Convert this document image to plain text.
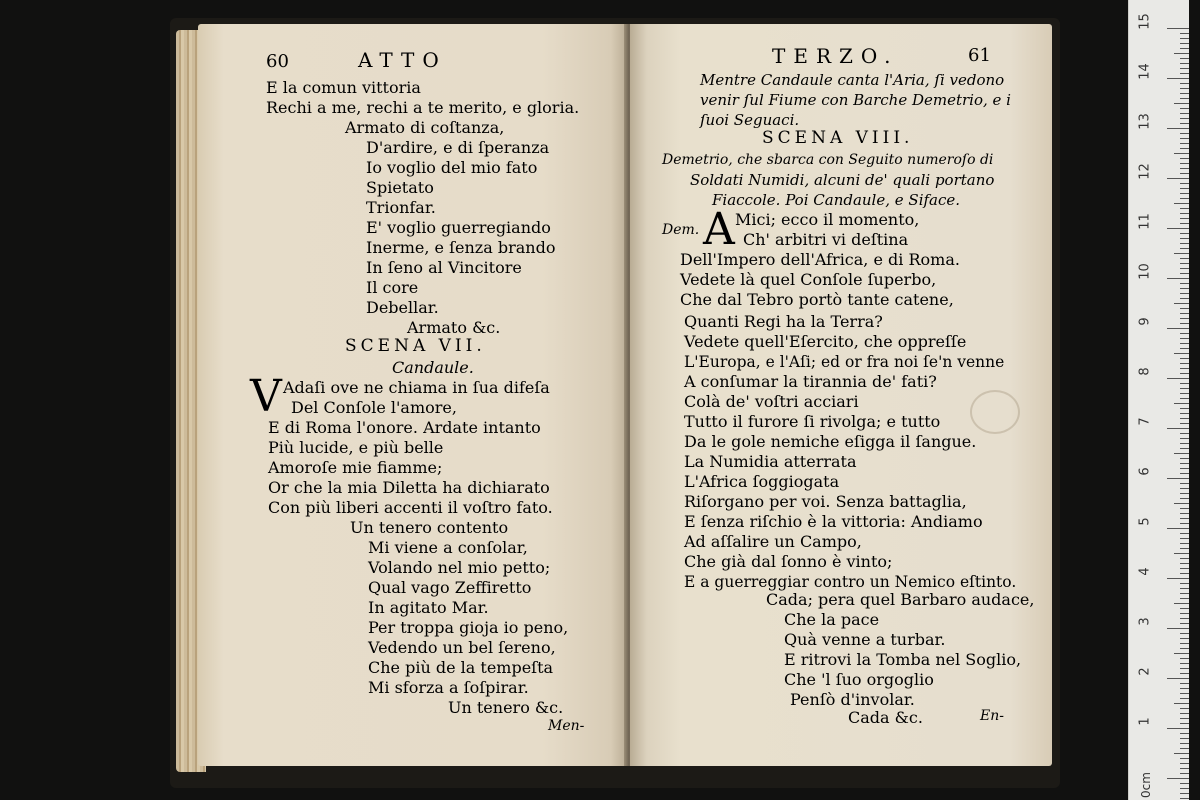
60	ATTO
E la comun vittoria
Rechi a me, rechi a te merito, e gloria.
Armato di coſtanza,
D'ardire, e di ſperanza
Io voglio del mio fato
Spietato
Trionfar.
E' voglio guerregiando
Inerme, e ſenza brando
In ſeno al Vincitore
Il core
Debellar.
Armato &c.
SCENA VII.
Candaule.
V Adaſi ove ne chiama in ſua difeſa
Del Conſole l'amore,
E di Roma l'onore. Ardate intanto
Più lucide, e più belle
Amoroſe mie fiamme;
Or che la mia Diletta ha dichiarato
Con più liberi accenti il voſtro fato.
Un tenero contento
Mi viene a conſolar,
Volando nel mio petto;
Qual vago Zeffiretto
In agitato Mar.
Per troppa gioja io peno,
Vedendo un bel ſereno,
Che più de la tempeſta
Mi sforza a ſoſpirar.
Un tenero &c.
Men-
TERZO.	61
Mentre Candaule canta l'Aria, ſi vedono
venir ſul Fiume con Barche Demetrio, e i
ſuoi Seguaci.
SCENA VIII.
Demetrio, che sbarca con Seguito numeroſo di
Soldati Numidi, alcuni de' quali portano
Fiaccole. Poi Candaule, e Siface.
Dem. A Mici; ecco il momento,
Ch' arbitri vi deſtina
Dell'Impero dell'Africa, e di Roma.
Vedete là quel Conſole ſuperbo,
Che dal Tebro portò tante catene,
Quanti Regi ha la Terra?
Vedete quell'Eſercito, che oppreſſe
L'Europa, e l'Aſi; ed or fra noi ſe'n venne
A conſumar la tirannia de' fati?
Colà de' voſtri acciari
Tutto il furore ſi rivolga; e tutto
Da le gole nemiche eſigga il ſangue.
La Numidia atterrata
L'Africa ſoggiogata
Riſorgano per voi. Senza battaglia,
E ſenza riſchio è la vittoria: Andiamo
Ad aſſalire un Campo,
Che già dal ſonno è vinto;
E a guerreggiar contro un Nemico eſtinto.
Cada; pera quel Barbaro audace,
Che la pace
Quà venne a turbar.
E ritrovi la Tomba nel Soglio,
Che 'l ſuo orgoglio
Penſò d'involar.
Cada &c.	En-
15
14
13
12
11
10
9
8
7
6
5
4
3
2
1
0cm
